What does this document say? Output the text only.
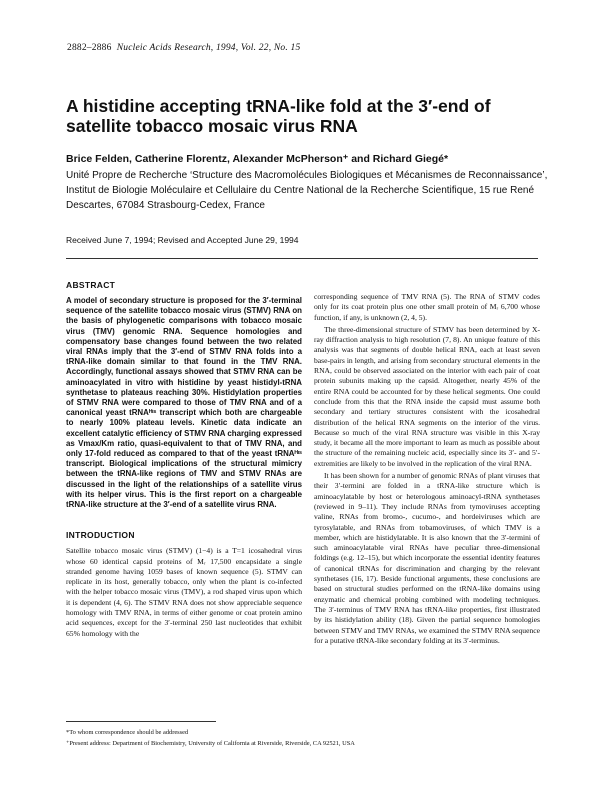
2882–2886 Nucleic Acids Research, 1994, Vol. 22, No. 15
A histidine accepting tRNA-like fold at the 3′-end of satellite tobacco mosaic virus RNA
Brice Felden, Catherine Florentz, Alexander McPherson⁺ and Richard Giegé*
Unité Propre de Recherche ‘Structure des Macromolécules Biologiques et Mécanismes de Reconnaissance’, Institut de Biologie Moléculaire et Cellulaire du Centre National de la Recherche Scientifique, 15 rue René Descartes, 67084 Strasbourg-Cedex, France
Received June 7, 1994; Revised and Accepted June 29, 1994
ABSTRACT

A model of secondary structure is proposed for the 3′-terminal sequence of the satellite tobacco mosaic virus (STMV) RNA on the basis of phylogenetic comparisons with tobacco mosaic virus (TMV) genomic RNA. Sequence homologies and compensatory base changes found between the two related viral RNAs imply that the 3′-end of STMV RNA folds into a tRNA-like domain similar to that found in the TMV RNA. Accordingly, functional assays showed that STMV RNA can be aminoacylated in vitro with histidine by yeast histidyl-tRNA synthetase to plateaus reaching 30%. Histidylation properties of STMV RNA were compared to those of TMV RNA and of a canonical yeast tRNAᴴᶦˢ transcript which both are chargeable to nearly 100% plateau levels. Kinetic data indicate an excellent catalytic efficiency of STMV RNA charging expressed as Vmax/Km ratio, quasi-equivalent to that of TMV RNA, and only 17-fold reduced as compared to that of the yeast tRNAᴴᶦˢ transcript. Biological implications of the structural mimicry between the tRNA-like regions of TMV and STMV RNAs are discussed in the light of the relationships of a satellite virus with its helper virus. This is the first report on a chargeable tRNA-like structure at the 3′-end of a satellite virus RNA.

INTRODUCTION

Satellite tobacco mosaic virus (STMV) (1−4) is a T=1 icosahedral virus whose 60 identical capsid proteins of Mᵣ 17,500 encapsidate a single stranded genome having 1059 bases of known sequence (5). STMV can replicate in its host, generally tobacco, only when the plant is co-infected with the helper tobacco mosaic virus (TMV), a rod shaped virus upon which it is dependent (4, 6). The STMV RNA does not show appreciable sequence homology with TMV RNA, in terms of either genome or coat protein amino acid sequences, except for the 3′-terminal 250 last nucleotides that exhibit 65% homology with the

corresponding sequence of TMV RNA (5). The RNA of STMV codes only for its coat protein plus one other small protein of Mᵣ 6,700 whose function, if any, is unknown (2, 4, 5).

The three-dimensional structure of STMV has been determined by X-ray diffraction analysis to high resolution (7, 8). An unique feature of this analysis was that segments of double helical RNA, each at least seven base-pairs in length, and arising from secondary structural elements in the RNA, could be observed associated on the interior with each pair of coat protein subunits making up the capsid. Altogether, nearly 45% of the entire RNA could be accounted for by these helical segments. One could conclude from this that the RNA inside the capsid must assume both secondary and tertiary structures consistent with the icosahedral distribution of the helical RNA segments on the interior of the virus. Because so much of the viral RNA structure was visible in this X-ray study, it became all the more important to learn as much as possible about the structure of the remaining nucleic acid, especially since its 3′- and 5′-extremities are likely to be involved in the replication of the viral RNA.

It has been shown for a number of genomic RNAs of plant viruses that their 3′-termini are folded in a tRNA-like structure which is aminoacylatable by host or heterologous aminoacyl-tRNA synthetases (reviewed in 9–11). They include RNAs from tymoviruses accepting valine, RNAs from bromo-, cucumo-, and hordeiviruses which are tyrosylatable, and RNAs from tobamoviruses, of which TMV is a member, which are histidylatable. It is also known that the 3′-termini of such aminoacylatable viral RNAs have peculiar three-dimensional foldings (e.g. 12–15), but which incorporate the essential identity features of canonical tRNAs for discrimination and charging by the relevant synthetases (16, 17). Beside functional arguments, these conclusions are based on structural studies performed on the tRNA-like domains using enzymatic and chemical probing combined with modeling techniques. The 3′-terminus of TMV RNA has tRNA-like properties, first illustrated by its histidylation ability (18). Given the partial sequence homologies between STMV and TMV RNAs, we examined the STMV RNA sequence for a putative tRNA-like secondary folding at its 3′-terminus.

*To whom correspondence should be addressed
⁺Present address: Department of Biochemistry, University of California at Riverside, Riverside, CA 92521, USA
